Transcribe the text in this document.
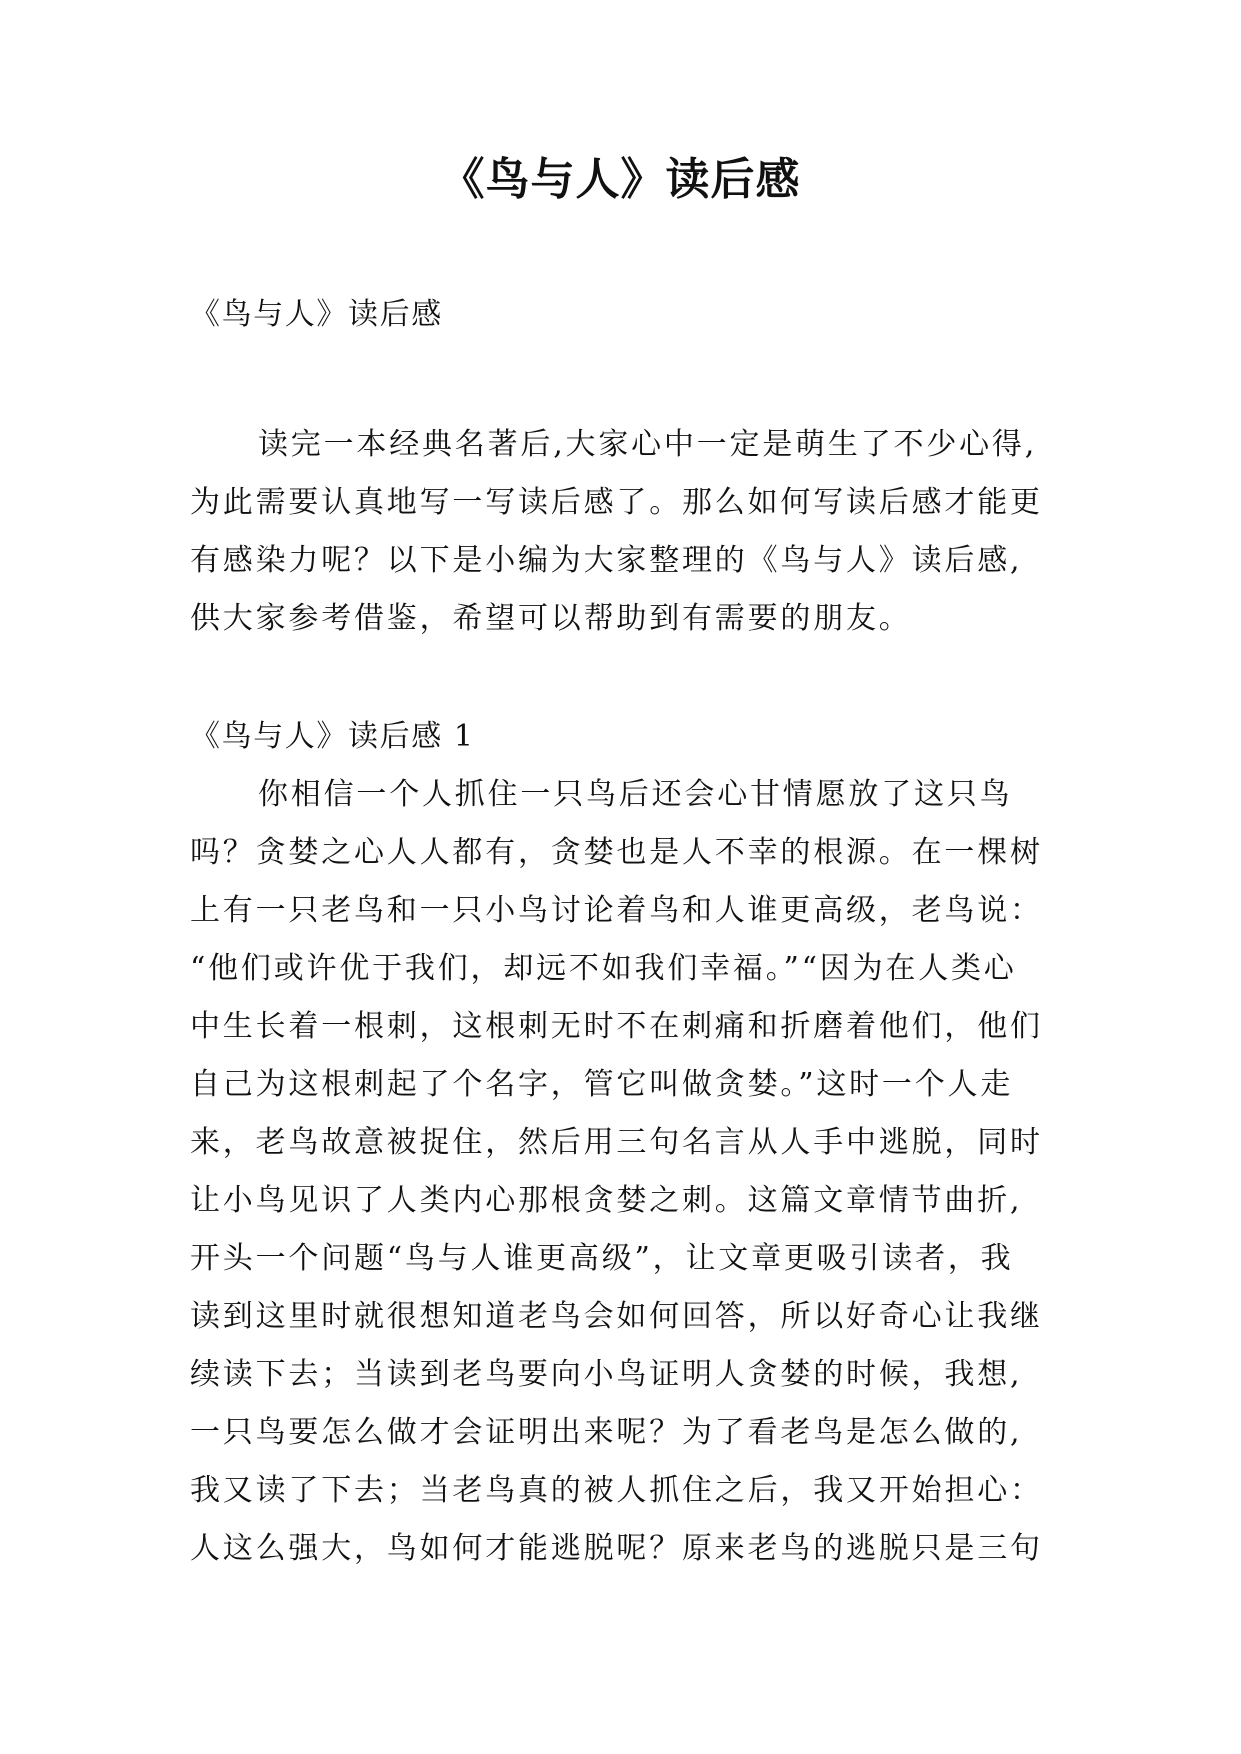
《鸟与人》读后感
《鸟与人》读后感
读完一本经典名著后,大家心中一定是萌生了不少心得,
为此需要认真地写一写读后感了。那么如何写读后感才能更
有感染力呢？以下是小编为大家整理的《鸟与人》读后感,
供大家参考借鉴，希望可以帮助到有需要的朋友。
《鸟与人》读后感 1
你相信一个人抓住一只鸟后还会心甘情愿放了这只鸟
吗？贪婪之心人人都有，贪婪也是人不幸的根源。在一棵树
上有一只老鸟和一只小鸟讨论着鸟和人谁更高级，老鸟说：
“他们或许优于我们，却远不如我们幸福。”“因为在人类心
中生长着一根刺，这根刺无时不在刺痛和折磨着他们，他们
自己为这根刺起了个名字，管它叫做贪婪。”这时一个人走
来，老鸟故意被捉住，然后用三句名言从人手中逃脱，同时
让小鸟见识了人类内心那根贪婪之刺。这篇文章情节曲折,
开头一个问题“鸟与人谁更高级”，让文章更吸引读者，我
读到这里时就很想知道老鸟会如何回答，所以好奇心让我继
续读下去；当读到老鸟要向小鸟证明人贪婪的时候，我想,
一只鸟要怎么做才会证明出来呢？为了看老鸟是怎么做的,
我又读了下去；当老鸟真的被人抓住之后，我又开始担心：
人这么强大，鸟如何才能逃脱呢？原来老鸟的逃脱只是三句
